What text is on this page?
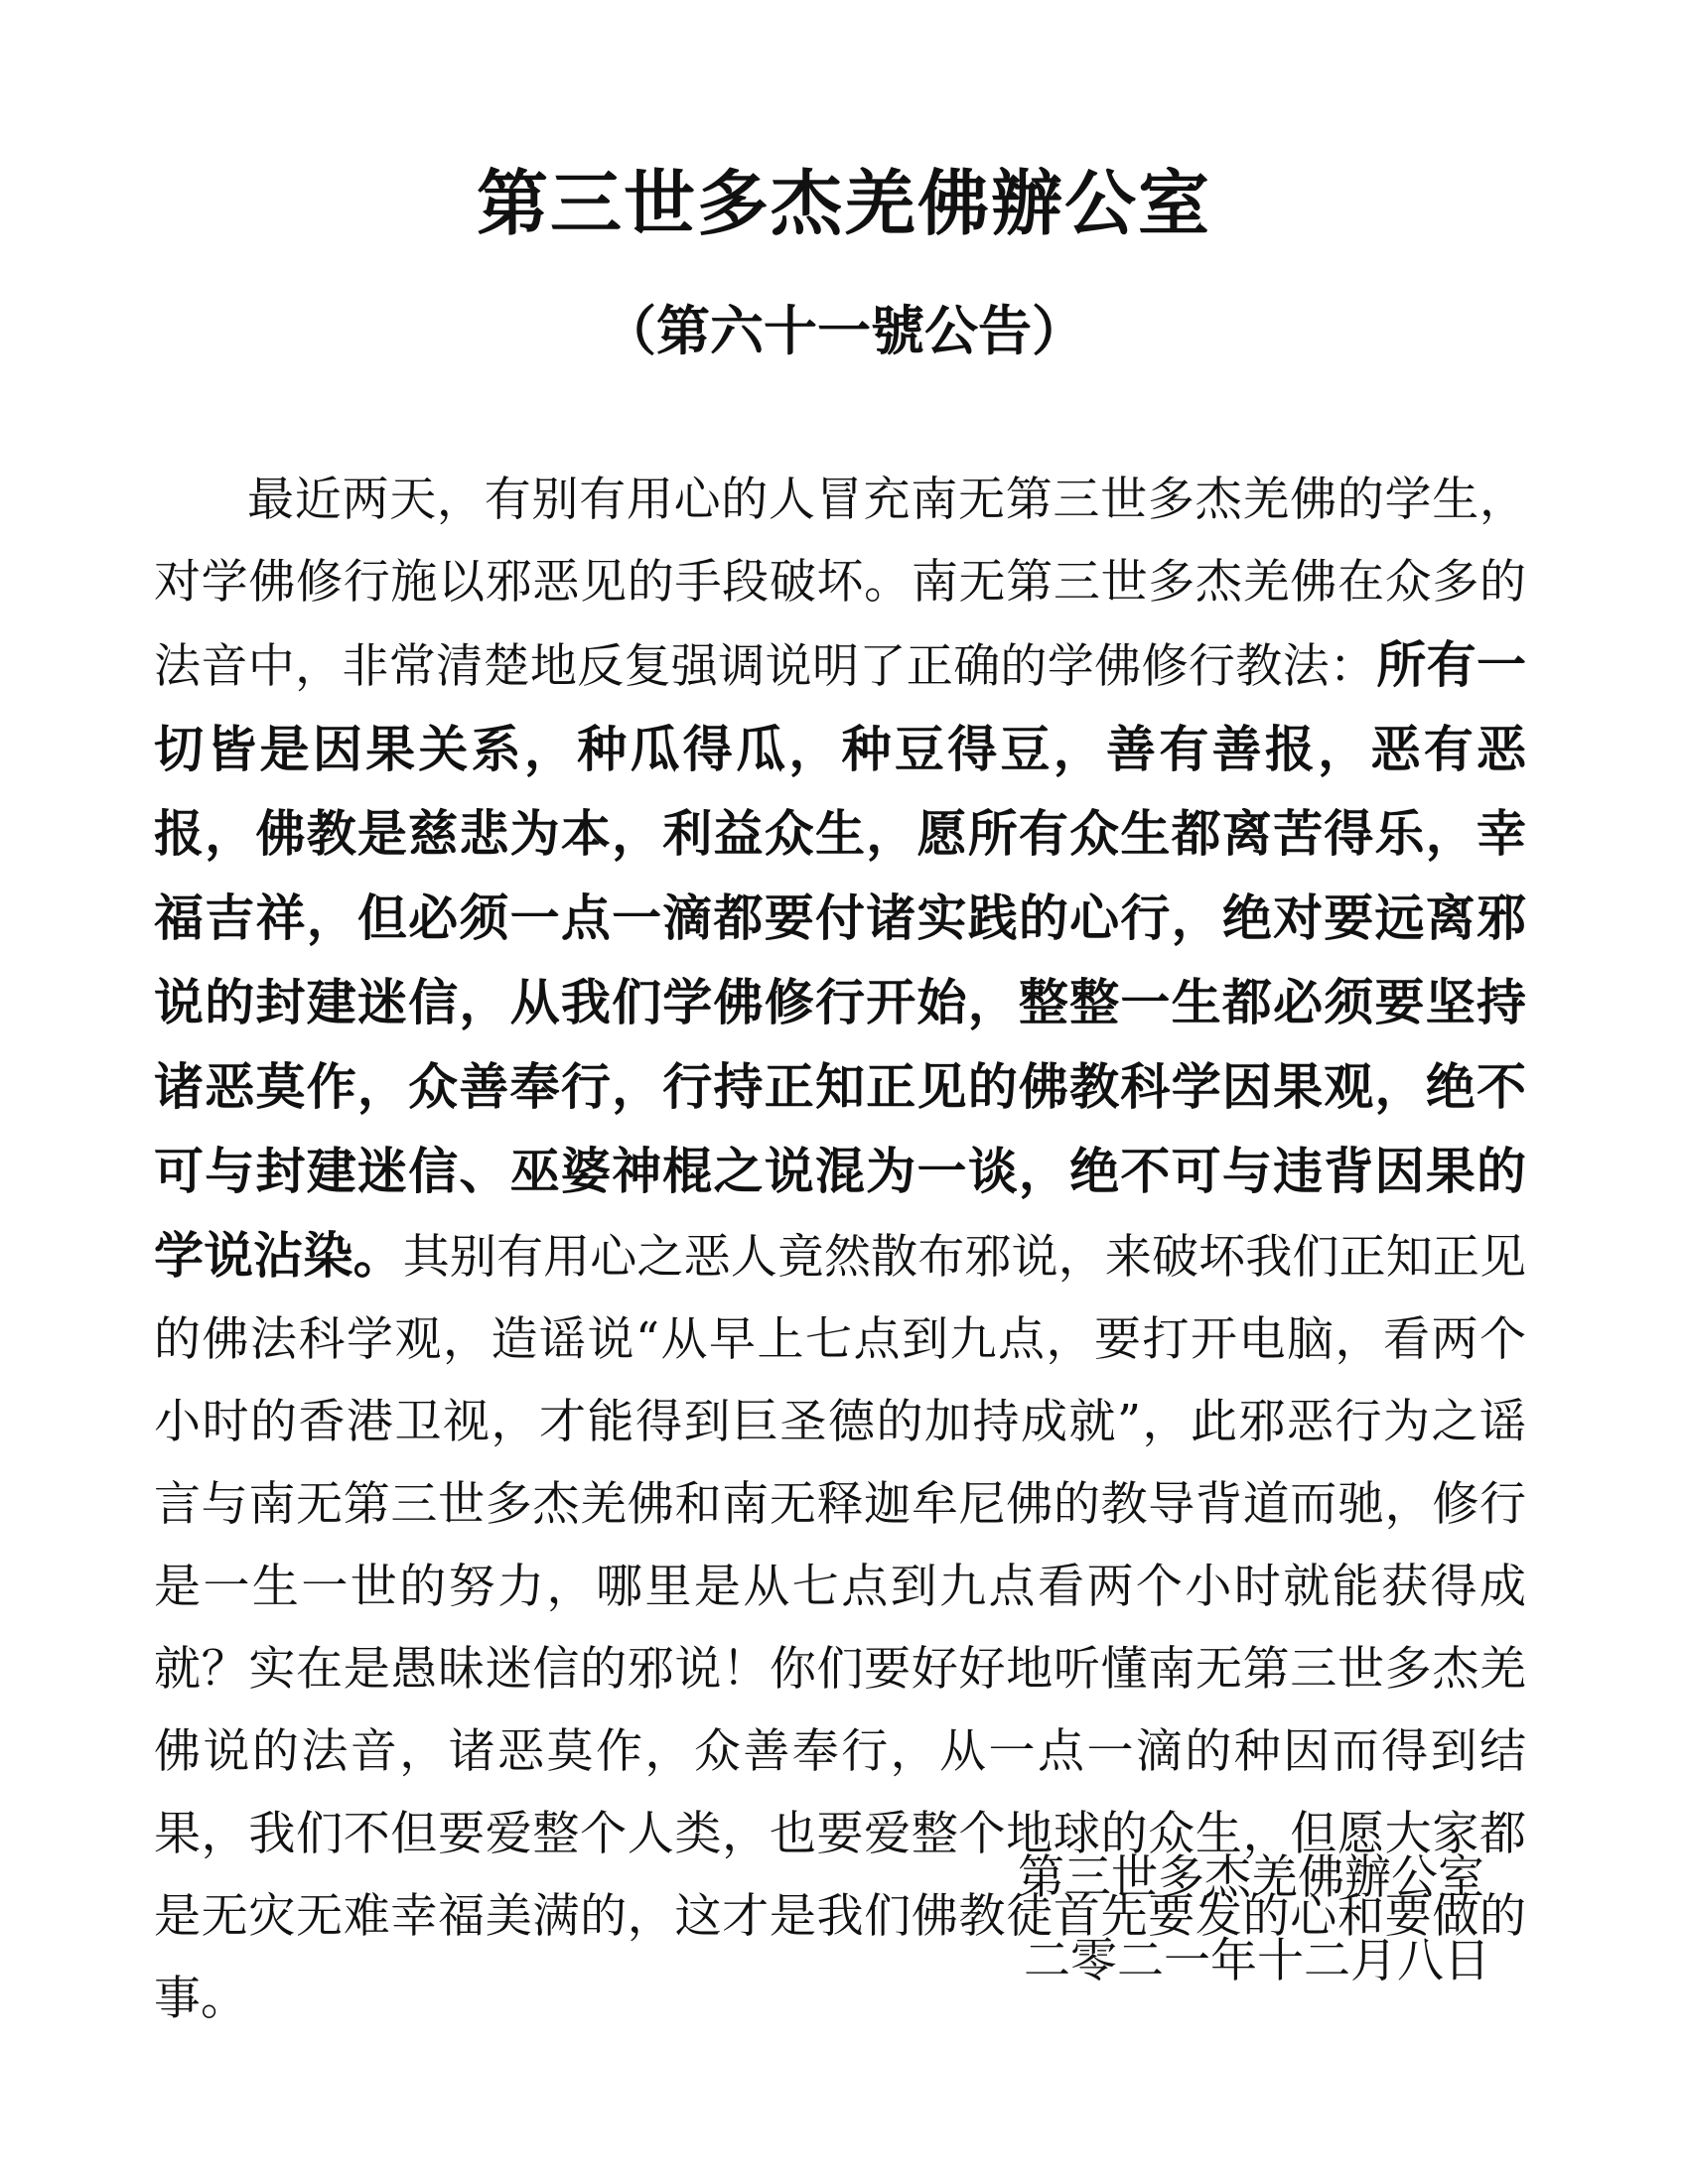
第三世多杰羌佛辦公室
（第六十一號公告）

最近两天，有别有用心的人冒充南无第三世多杰羌佛的学生，对学佛修行施以邪恶见的手段破坏。南无第三世多杰羌佛在众多的法音中，非常清楚地反复强调说明了正确的学佛修行教法：所有一切皆是因果关系，种瓜得瓜，种豆得豆，善有善报，恶有恶报，佛教是慈悲为本，利益众生，愿所有众生都离苦得乐，幸福吉祥，但必须一点一滴都要付诸实践的心行，绝对要远离邪说的封建迷信，从我们学佛修行开始，整整一生都必须要坚持诸恶莫作，众善奉行，行持正知正见的佛教科学因果观，绝不可与封建迷信、巫婆神棍之说混为一谈，绝不可与违背因果的学说沾染。其别有用心之恶人竟然散布邪说，来破坏我们正知正见的佛法科学观，造谣说“从早上七点到九点，要打开电脑，看两个小时的香港卫视，才能得到巨圣德的加持成就”，此邪恶行为之谣言与南无第三世多杰羌佛和南无释迦牟尼佛的教导背道而驰，修行是一生一世的努力，哪里是从七点到九点看两个小时就能获得成就？实在是愚昧迷信的邪说！你们要好好地听懂南无第三世多杰羌佛说的法音，诸恶莫作，众善奉行，从一点一滴的种因而得到结果，我们不但要爱整个人类，也要爱整个地球的众生，但愿大家都是无灾无难幸福美满的，这才是我们佛教徒首先要发的心和要做的事。

第三世多杰羌佛辦公室
二零二一年十二月八日
